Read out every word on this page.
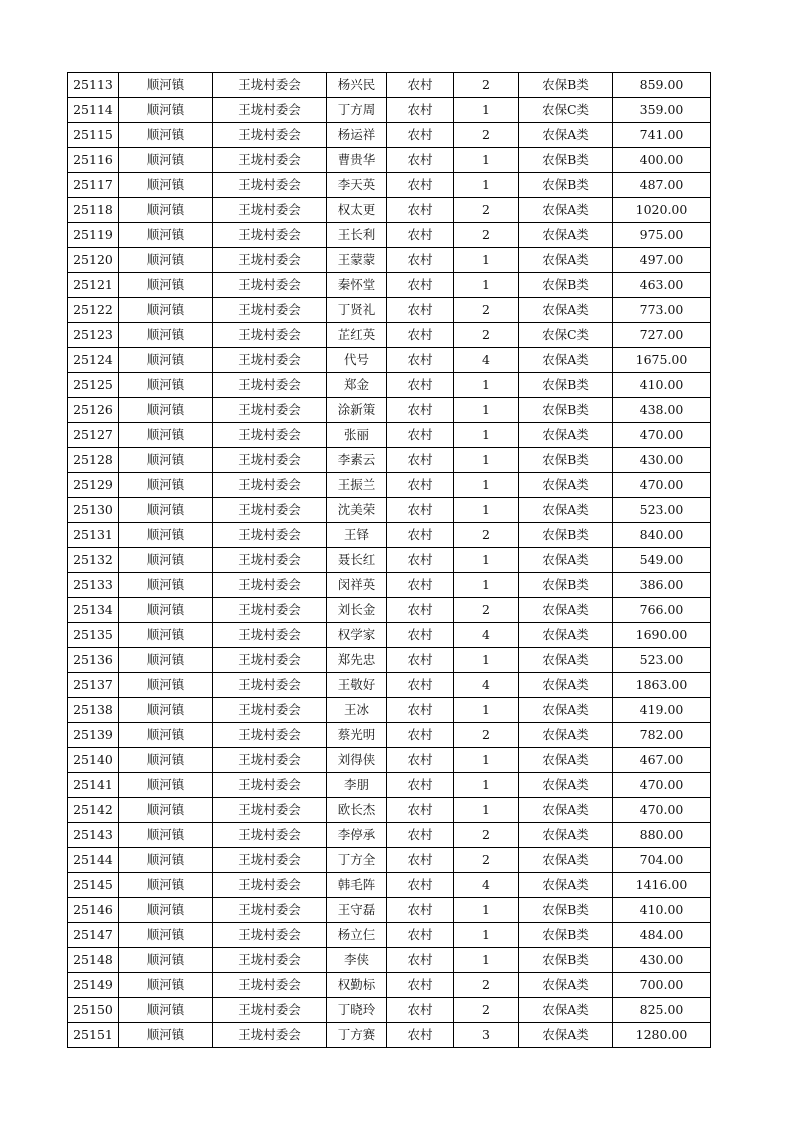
25113	顺河镇	王垅村委会	杨兴民	农村	2	农保B类	859.00
25114	顺河镇	王垅村委会	丁方周	农村	1	农保C类	359.00
25115	顺河镇	王垅村委会	杨运祥	农村	2	农保A类	741.00
25116	顺河镇	王垅村委会	曹贵华	农村	1	农保B类	400.00
25117	顺河镇	王垅村委会	李天英	农村	1	农保B类	487.00
25118	顺河镇	王垅村委会	权太更	农村	2	农保A类	1020.00
25119	顺河镇	王垅村委会	王长利	农村	2	农保A类	975.00
25120	顺河镇	王垅村委会	王蒙蒙	农村	1	农保A类	497.00
25121	顺河镇	王垅村委会	秦怀堂	农村	1	农保B类	463.00
25122	顺河镇	王垅村委会	丁贤礼	农村	2	农保A类	773.00
25123	顺河镇	王垅村委会	芷红英	农村	2	农保C类	727.00
25124	顺河镇	王垅村委会	代号	农村	4	农保A类	1675.00
25125	顺河镇	王垅村委会	郑金	农村	1	农保B类	410.00
25126	顺河镇	王垅村委会	涂新策	农村	1	农保B类	438.00
25127	顺河镇	王垅村委会	张丽	农村	1	农保A类	470.00
25128	顺河镇	王垅村委会	李素云	农村	1	农保B类	430.00
25129	顺河镇	王垅村委会	王振兰	农村	1	农保A类	470.00
25130	顺河镇	王垅村委会	沈美荣	农村	1	农保A类	523.00
25131	顺河镇	王垅村委会	王铎	农村	2	农保B类	840.00
25132	顺河镇	王垅村委会	聂长红	农村	1	农保A类	549.00
25133	顺河镇	王垅村委会	闵祥英	农村	1	农保B类	386.00
25134	顺河镇	王垅村委会	刘长金	农村	2	农保A类	766.00
25135	顺河镇	王垅村委会	权学家	农村	4	农保A类	1690.00
25136	顺河镇	王垅村委会	郑先忠	农村	1	农保A类	523.00
25137	顺河镇	王垅村委会	王敬好	农村	4	农保A类	1863.00
25138	顺河镇	王垅村委会	王冰	农村	1	农保A类	419.00
25139	顺河镇	王垅村委会	蔡光明	农村	2	农保A类	782.00
25140	顺河镇	王垅村委会	刘得侠	农村	1	农保A类	467.00
25141	顺河镇	王垅村委会	李朋	农村	1	农保A类	470.00
25142	顺河镇	王垅村委会	欧长杰	农村	1	农保A类	470.00
25143	顺河镇	王垅村委会	李停承	农村	2	农保A类	880.00
25144	顺河镇	王垅村委会	丁方全	农村	2	农保A类	704.00
25145	顺河镇	王垅村委会	韩毛阵	农村	4	农保A类	1416.00
25146	顺河镇	王垅村委会	王守磊	农村	1	农保B类	410.00
25147	顺河镇	王垅村委会	杨立仨	农村	1	农保B类	484.00
25148	顺河镇	王垅村委会	李侠	农村	1	农保B类	430.00
25149	顺河镇	王垅村委会	权勤标	农村	2	农保A类	700.00
25150	顺河镇	王垅村委会	丁晓玲	农村	2	农保A类	825.00
25151	顺河镇	王垅村委会	丁方赛	农村	3	农保A类	1280.00
